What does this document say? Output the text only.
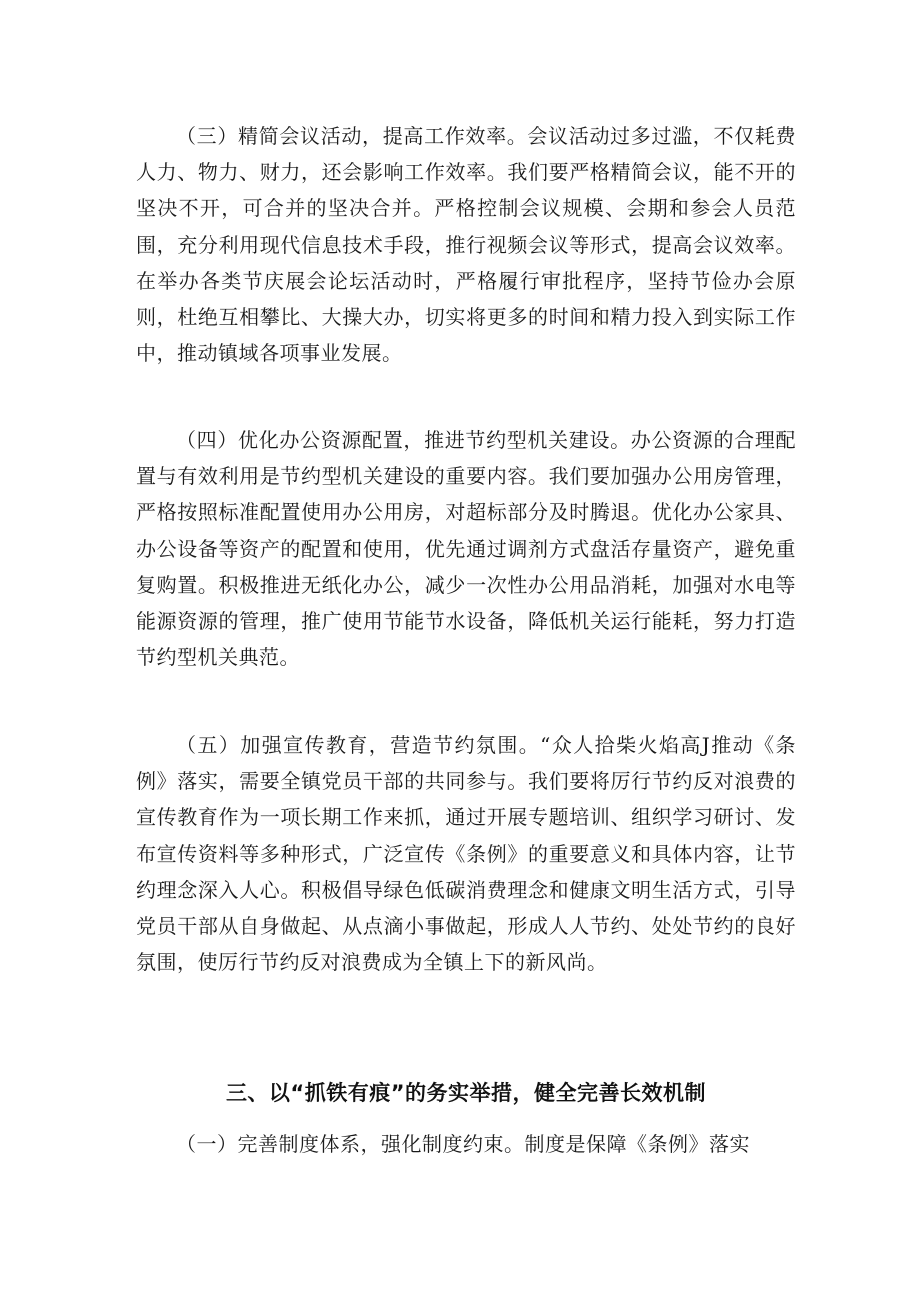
（三）精简会议活动，提高工作效率。会议活动过多过滥，不仅耗费人力、物力、财力，还会影响工作效率。我们要严格精简会议，能不开的坚决不开，可合并的坚决合并。严格控制会议规模、会期和参会人员范围，充分利用现代信息技术手段，推行视频会议等形式，提高会议效率。在举办各类节庆展会论坛活动时，严格履行审批程序，坚持节俭办会原则，杜绝互相攀比、大操大办，切实将更多的时间和精力投入到实际工作中，推动镇域各项事业发展。

（四）优化办公资源配置，推进节约型机关建设。办公资源的合理配置与有效利用是节约型机关建设的重要内容。我们要加强办公用房管理，严格按照标准配置使用办公用房，对超标部分及时腾退。优化办公家具、办公设备等资产的配置和使用，优先通过调剂方式盘活存量资产，避免重复购置。积极推进无纸化办公，减少一次性办公用品消耗，加强对水电等能源资源的管理，推广使用节能节水设备，降低机关运行能耗，努力打造节约型机关典范。

（五）加强宣传教育，营造节约氛围。“众人拾柴火焰高J推动《条例》落实，需要全镇党员干部的共同参与。我们要将厉行节约反对浪费的宣传教育作为一项长期工作来抓，通过开展专题培训、组织学习研讨、发布宣传资料等多种形式，广泛宣传《条例》的重要意义和具体内容，让节约理念深入人心。积极倡导绿色低碳消费理念和健康文明生活方式，引导党员干部从自身做起、从点滴小事做起，形成人人节约、处处节约的良好氛围，使厉行节约反对浪费成为全镇上下的新风尚。

三、以“抓铁有痕”的务实举措，健全完善长效机制

（一）完善制度体系，强化制度约束。制度是保障《条例》落实
